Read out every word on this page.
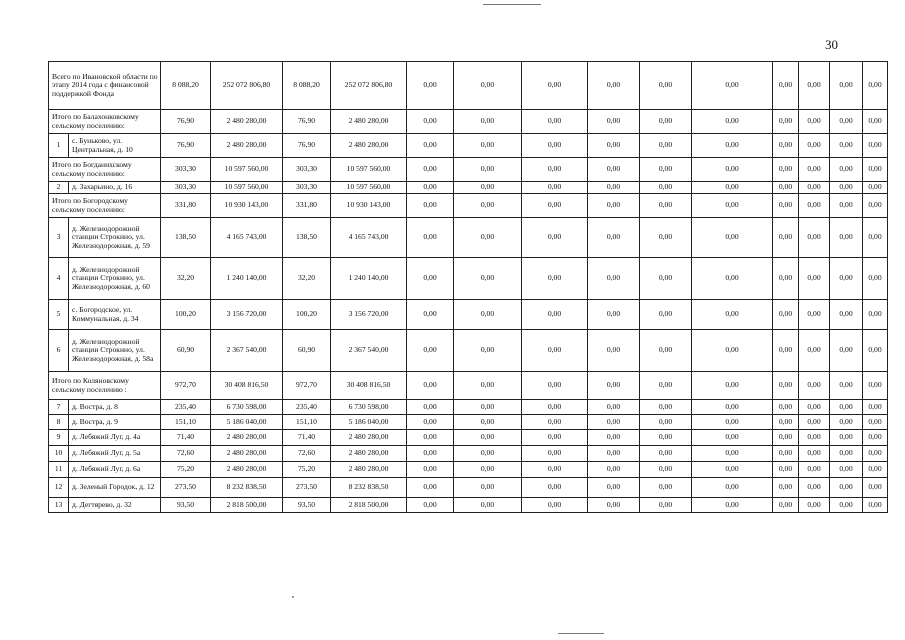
30
Всего по Ивановской области по этапу 2014 года с финансовой поддержкой Фонда		8 088,20	252 072 806,80	8 088,20	252 072 806,80	0,00	0,00	0,00	0,00	0,00	0,00	0,00	0,00	0,00	0,00
Итого по Балахонковскому сельскому поселению:		76,90	2 480 280,00	76,90	2 480 280,00	0,00	0,00	0,00	0,00	0,00	0,00	0,00	0,00	0,00	0,00
1	с. Буньково, ул. Центральная, д. 10	76,90	2 480 280,00	76,90	2 480 280,00	0,00	0,00	0,00	0,00	0,00	0,00	0,00	0,00	0,00	0,00
Итого по Богданихскому сельскому поселению:		303,30	10 597 560,00	303,30	10 597 560,00	0,00	0,00	0,00	0,00	0,00	0,00	0,00	0,00	0,00	0,00
2	д. Захарьино, д. 16	303,30	10 597 560,00	303,30	10 597 560,00	0,00	0,00	0,00	0,00	0,00	0,00	0,00	0,00	0,00	0,00
Итого по Богородскому сельскому поселению:		331,80	10 930 143,00	331,80	10 930 143,00	0,00	0,00	0,00	0,00	0,00	0,00	0,00	0,00	0,00	0,00
3	д. Железнодорожной станции Строкино, ул. Железнодорожная, д. 59	138,50	4 165 743,00	138,50	4 165 743,00	0,00	0,00	0,00	0,00	0,00	0,00	0,00	0,00	0,00	0,00
4	д. Железнодорожной станции Строкино, ул. Железнодорожная, д. 60	32,20	1 240 140,00	32,20	1 240 140,00	0,00	0,00	0,00	0,00	0,00	0,00	0,00	0,00	0,00	0,00
5	с. Богородское, ул. Коммунальная, д. 34	100,20	3 156 720,00	100,20	3 156 720,00	0,00	0,00	0,00	0,00	0,00	0,00	0,00	0,00	0,00	0,00
6	д. Железнодорожной станции Строкино, ул. Железнодорожная, д. 58а	60,90	2 367 540,00	60,90	2 367 540,00	0,00	0,00	0,00	0,00	0,00	0,00	0,00	0,00	0,00	0,00
Итого по Коляновскому сельскому поселению :		972,70	30 408 816,50	972,70	30 408 816,50	0,00	0,00	0,00	0,00	0,00	0,00	0,00	0,00	0,00	0,00
7	д. Востра, д. 8	235,40	6 730 598,00	235,40	6 730 598,00	0,00	0,00	0,00	0,00	0,00	0,00	0,00	0,00	0,00	0,00
8	д. Востра, д. 9	151,10	5 186 040,00	151,10	5 186 040,00	0,00	0,00	0,00	0,00	0,00	0,00	0,00	0,00	0,00	0,00
9	д. Лебяжий Луг, д. 4а	71,40	2 480 280,00	71,40	2 480 280,00	0,00	0,00	0,00	0,00	0,00	0,00	0,00	0,00	0,00	0,00
10	д. Лебяжий Луг, д. 5а	72,60	2 480 280,00	72,60	2 480 280,00	0,00	0,00	0,00	0,00	0,00	0,00	0,00	0,00	0,00	0,00
11	д. Лебяжий Луг, д. 6а	75,20	2 480 280,00	75,20	2 480 280,00	0,00	0,00	0,00	0,00	0,00	0,00	0,00	0,00	0,00	0,00
12	д. Зеленый Городок, д. 12	273,50	8 232 838,50	273,50	8 232 838,50	0,00	0,00	0,00	0,00	0,00	0,00	0,00	0,00	0,00	0,00
13	д. Дегтярево, д. 32	93,50	2 818 500,00	93,50	2 818 500,00	0,00	0,00	0,00	0,00	0,00	0,00	0,00	0,00	0,00	0,00
